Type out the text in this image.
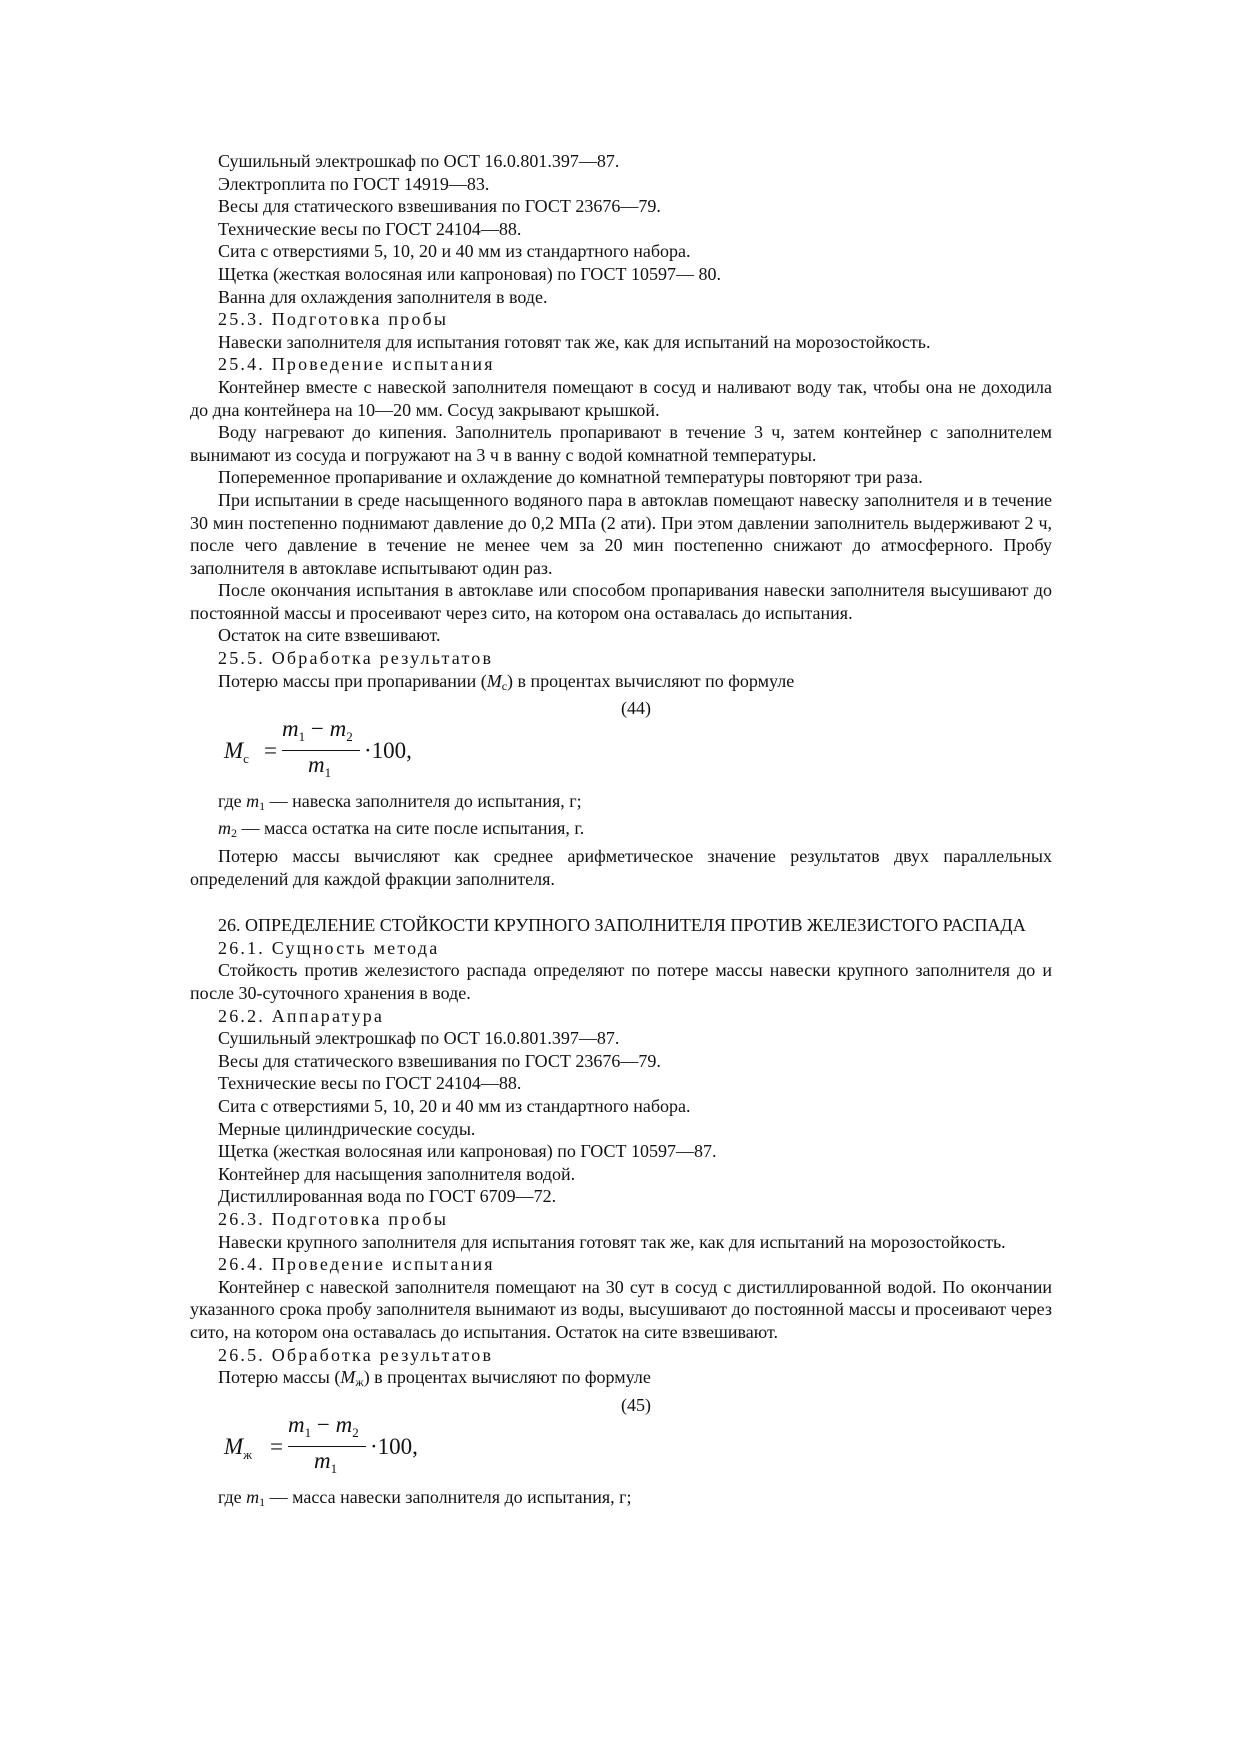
Сушильный электрошкаф по ОСТ 16.0.801.397—87.

Электроплита по ГОСТ 14919—83.

Весы для статического взвешивания по ГОСТ 23676—79.

Технические весы по ГОСТ 24104—88.

Сита с отверстиями 5, 10, 20 и 40 мм из стандартного набора.

Щетка (жесткая волосяная или капроновая) по ГОСТ 10597— 80.

Ванна для охлаждения заполнителя в воде.

25.3. Подготовка пробы

Навески заполнителя для испытания готовят так же, как для испытаний на морозостойкость.

25.4. Проведение испытания

Контейнер вместе с навеской заполнителя помещают в сосуд и наливают воду так, чтобы она не доходила до дна контейнера на 10—20 мм. Сосуд закрывают крышкой.

Воду нагревают до кипения. Заполнитель пропаривают в течение 3 ч, затем контейнер с заполнителем вынимают из сосуда и погружают на 3 ч в ванну с водой комнатной температуры.

Попеременное пропаривание и охлаждение до комнатной температуры повторяют три раза.

При испытании в среде насыщенного водяного пара в автоклав помещают навеску заполнителя и в течение 30 мин постепенно поднимают давление до 0,2 МПа (2 ати). При этом давлении заполнитель выдерживают 2 ч, после чего давление в течение не менее чем за 20 мин постепенно снижают до атмосферного. Пробу заполнителя в автоклаве испытывают один раз.

После окончания испытания в автоклаве или способом пропаривания навески заполнителя высушивают до постоянной массы и просеивают через сито, на котором она оставалась до испытания.

Остаток на сите взвешивают.

25.5. Обработка результатов

Потерю массы при пропаривании (Mс) в процентах вычисляют по формуле

(44)

$M_c$ =
$m_1 - m_2$
$m_1$
·100,

где m1 — навеска заполнителя до испытания, г;

m2 — масса остатка на сите после испытания, г.

Потерю массы вычисляют как среднее арифметическое значение результатов двух параллельных определений для каждой фракции заполнителя.

26. ОПРЕДЕЛЕНИЕ СТОЙКОСТИ КРУПНОГО ЗАПОЛНИТЕЛЯ ПРОТИВ ЖЕЛЕЗИСТОГО РАСПАДА

26.1. Сущность метода

Стойкость против железистого распада определяют по потере массы навески крупного заполнителя до и после 30-суточного хранения в воде.

26.2. Аппаратура

Сушильный электрошкаф по ОСТ 16.0.801.397—87.

Весы для статического взвешивания по ГОСТ 23676—79.

Технические весы по ГОСТ 24104—88.

Сита с отверстиями 5, 10, 20 и 40 мм из стандартного набора.

Мерные цилиндрические сосуды.

Щетка (жесткая волосяная или капроновая) по ГОСТ 10597—87.

Контейнер для насыщения заполнителя водой.

Дистиллированная вода по ГОСТ 6709—72.

26.3. Подготовка пробы

Навески крупного заполнителя для испытания готовят так же, как для испытаний на морозостойкость.

26.4. Проведение испытания

Контейнер с навеской заполнителя помещают на 30 сут в сосуд с дистиллированной водой. По окончании указанного срока пробу заполнителя вынимают из воды, высушивают до постоянной массы и просеивают через сито, на котором она оставалась до испытания. Остаток на сите взвешивают.

26.5. Обработка результатов

Потерю массы (Mж) в процентах вычисляют по формуле

(45)

$M_ж$ =
$m_1 - m_2$
$m_1$
·100,

где m1 — масса навески заполнителя до испытания, г;
